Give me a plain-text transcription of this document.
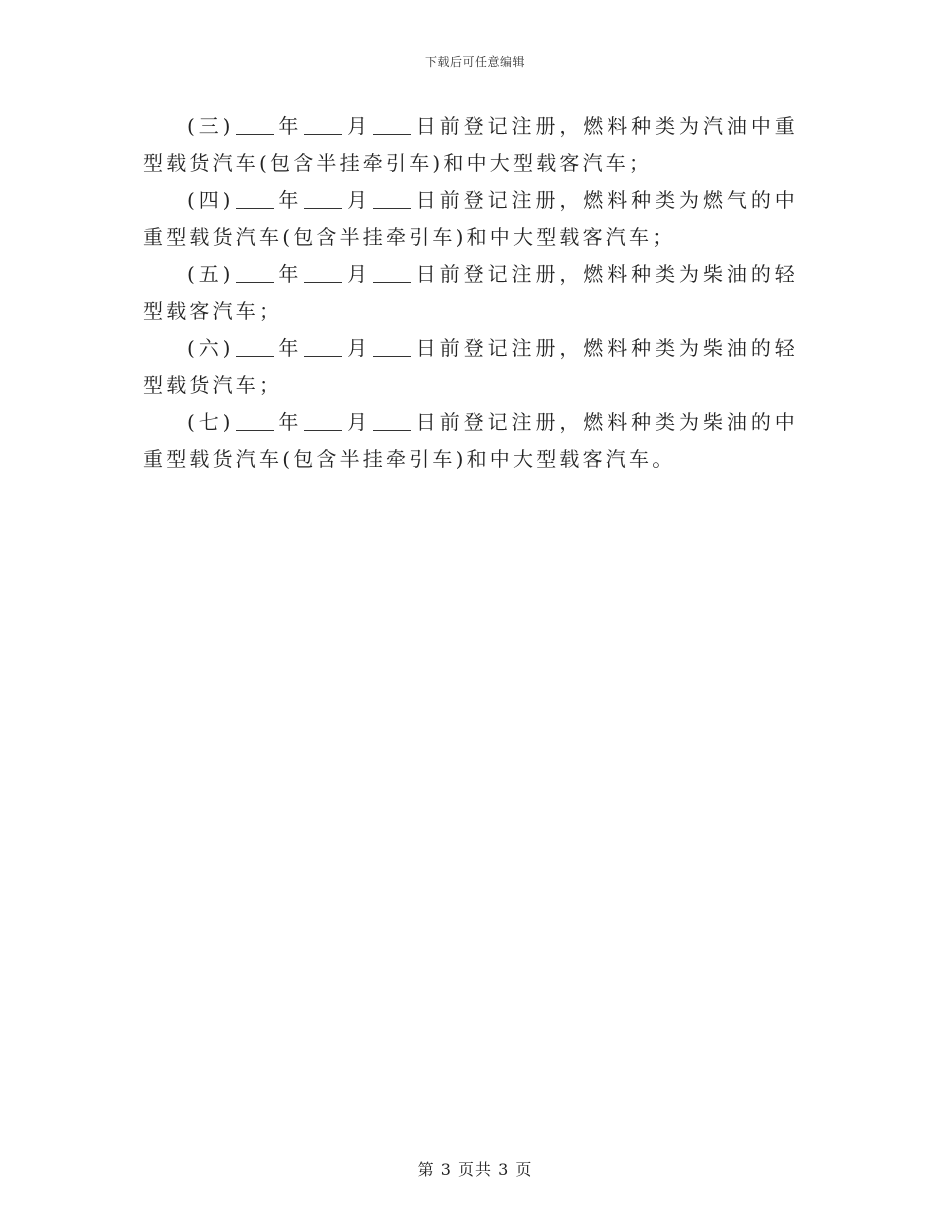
下载后可任意编辑

(三) 年 月 日前登记注册，燃料种类为汽油中重型载货汽车(包含半挂牵引车)和中大型载客汽车；

(四) 年 月 日前登记注册，燃料种类为燃气的中重型载货汽车(包含半挂牵引车)和中大型载客汽车；

(五) 年 月 日前登记注册，燃料种类为柴油的轻型载客汽车；

(六) 年 月 日前登记注册，燃料种类为柴油的轻型载货汽车；

(七) 年 月 日前登记注册，燃料种类为柴油的中重型载货汽车(包含半挂牵引车)和中大型载客汽车。

第 3 页共 3 页
